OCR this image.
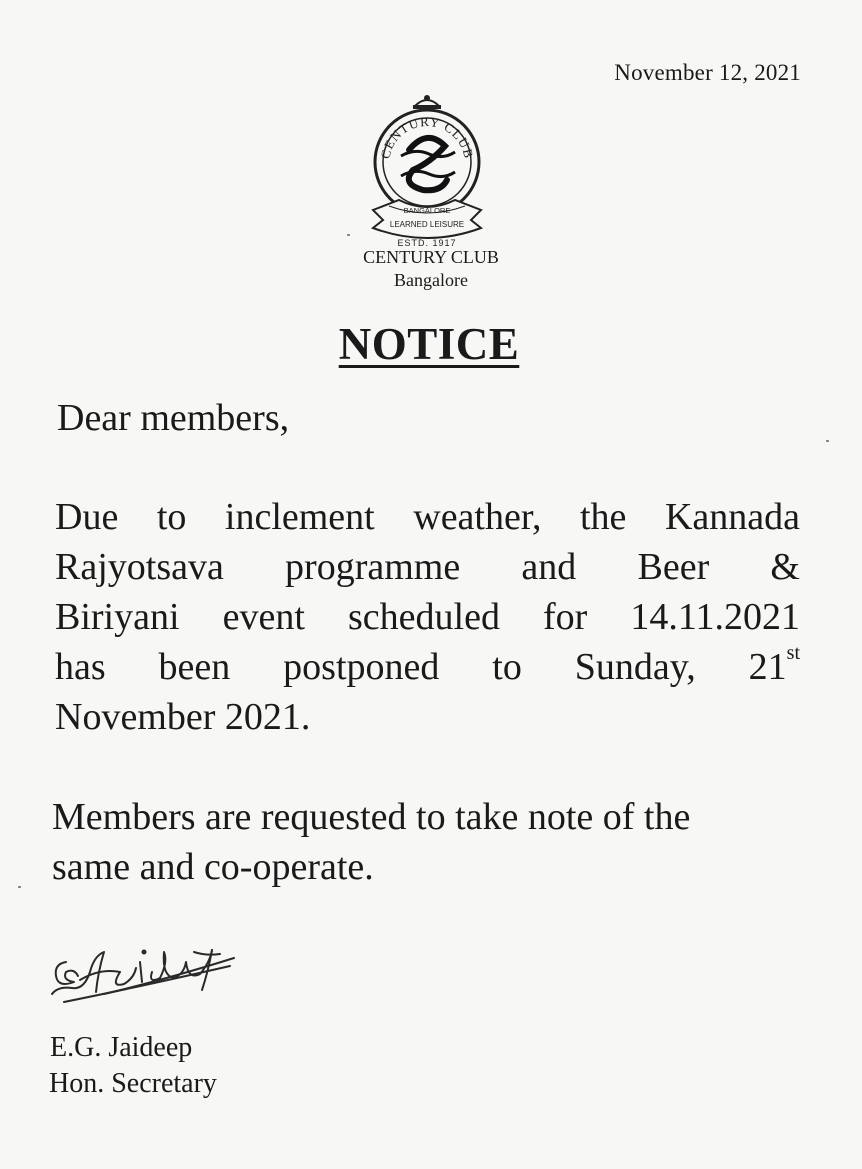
November 12, 2021
CENTURY CLUB
BANGALORE
LEARNED LEISURE
ESTD. 1917
CENTURY CLUB
Bangalore
NOTICE
Dear members,
Due to inclement weather, the Kannada
Rajyotsava programme and Beer &
Biriyani event scheduled for 14.11.2021
has been postponed to Sunday, 21st
November 2021.
Members are requested to take note of the
same and co-operate.
E.G. Jaideep
Hon. Secretary
